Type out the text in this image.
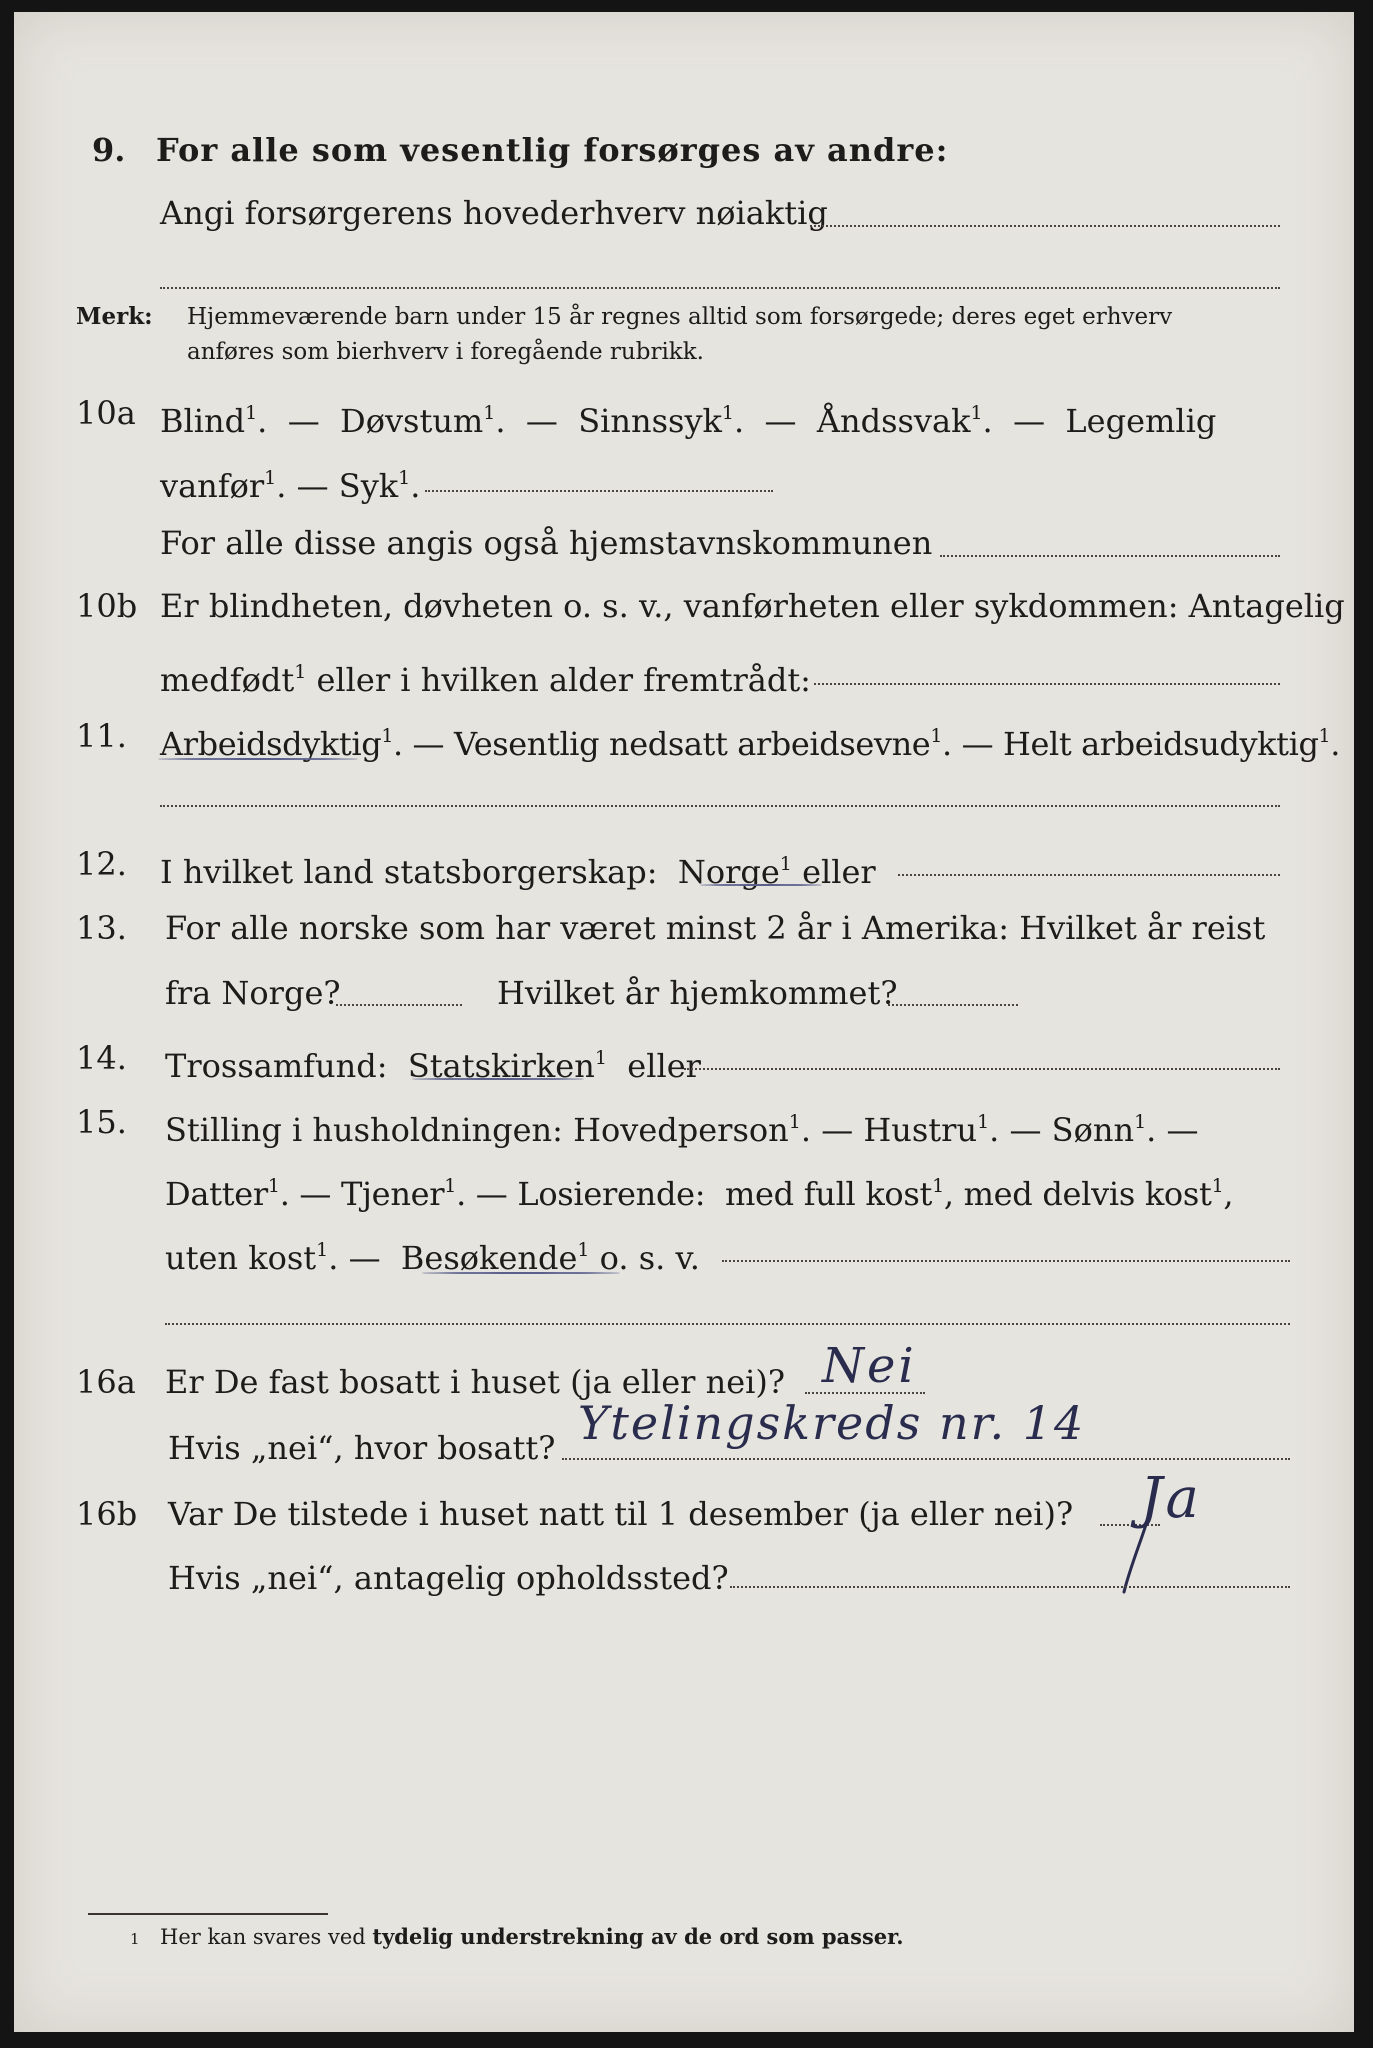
9. For alle som vesentlig forsørges av andre:
Angi forsørgerens hovederhverv nøiaktig
Merk: Hjemmeværende barn under 15 år regnes alltid som forsørgede; deres eget erhverv
anføres som bierhverv i foregående rubrikk.
10a Blind$^1$.  —  Døvstum$^1$.  —  Sinnssyk$^1$.  —  Åndssvak$^1$.  —  Legemlig
vanfør$^1$. — Syk$^1$.
For alle disse angis også hjemstavnskommunen
10b Er blindheten, døvheten o. s. v., vanførheten eller sykdommen: Antagelig
medfødt$^1$ eller i hvilken alder fremtrådt:
11. Arbeidsdyktig$^1$. — Vesentlig nedsatt arbeidsevne$^1$. — Helt arbeidsudyktig$^1$.
12. I hvilket land statsborgerskap: Norge$^1$ eller
13. For alle norske som har været minst 2 år i Amerika: Hvilket år reist
fra Norge?	Hvilket år hjemkommet?
14. Trossamfund: Statskirken$^1$ eller
15. Stilling i husholdningen: Hovedperson$^1$. — Hustru$^1$. — Sønn$^1$. —
Datter$^1$. — Tjener$^1$. — Losierende: med full kost$^1$, med delvis kost$^1$,
uten kost$^1$. —  Besøkende$^1$ o. s. v.
16a Er De fast bosatt i huset (ja eller nei)? Nei
Hvis „nei“, hvor bosatt? Ytelingskreds nr. 14
16b Var De tilstede i huset natt til 1 desember (ja eller nei)? Ja
Hvis „nei“, antagelig opholdssted?
1 Her kan svares ved tydelig understrekning av de ord som passer.
